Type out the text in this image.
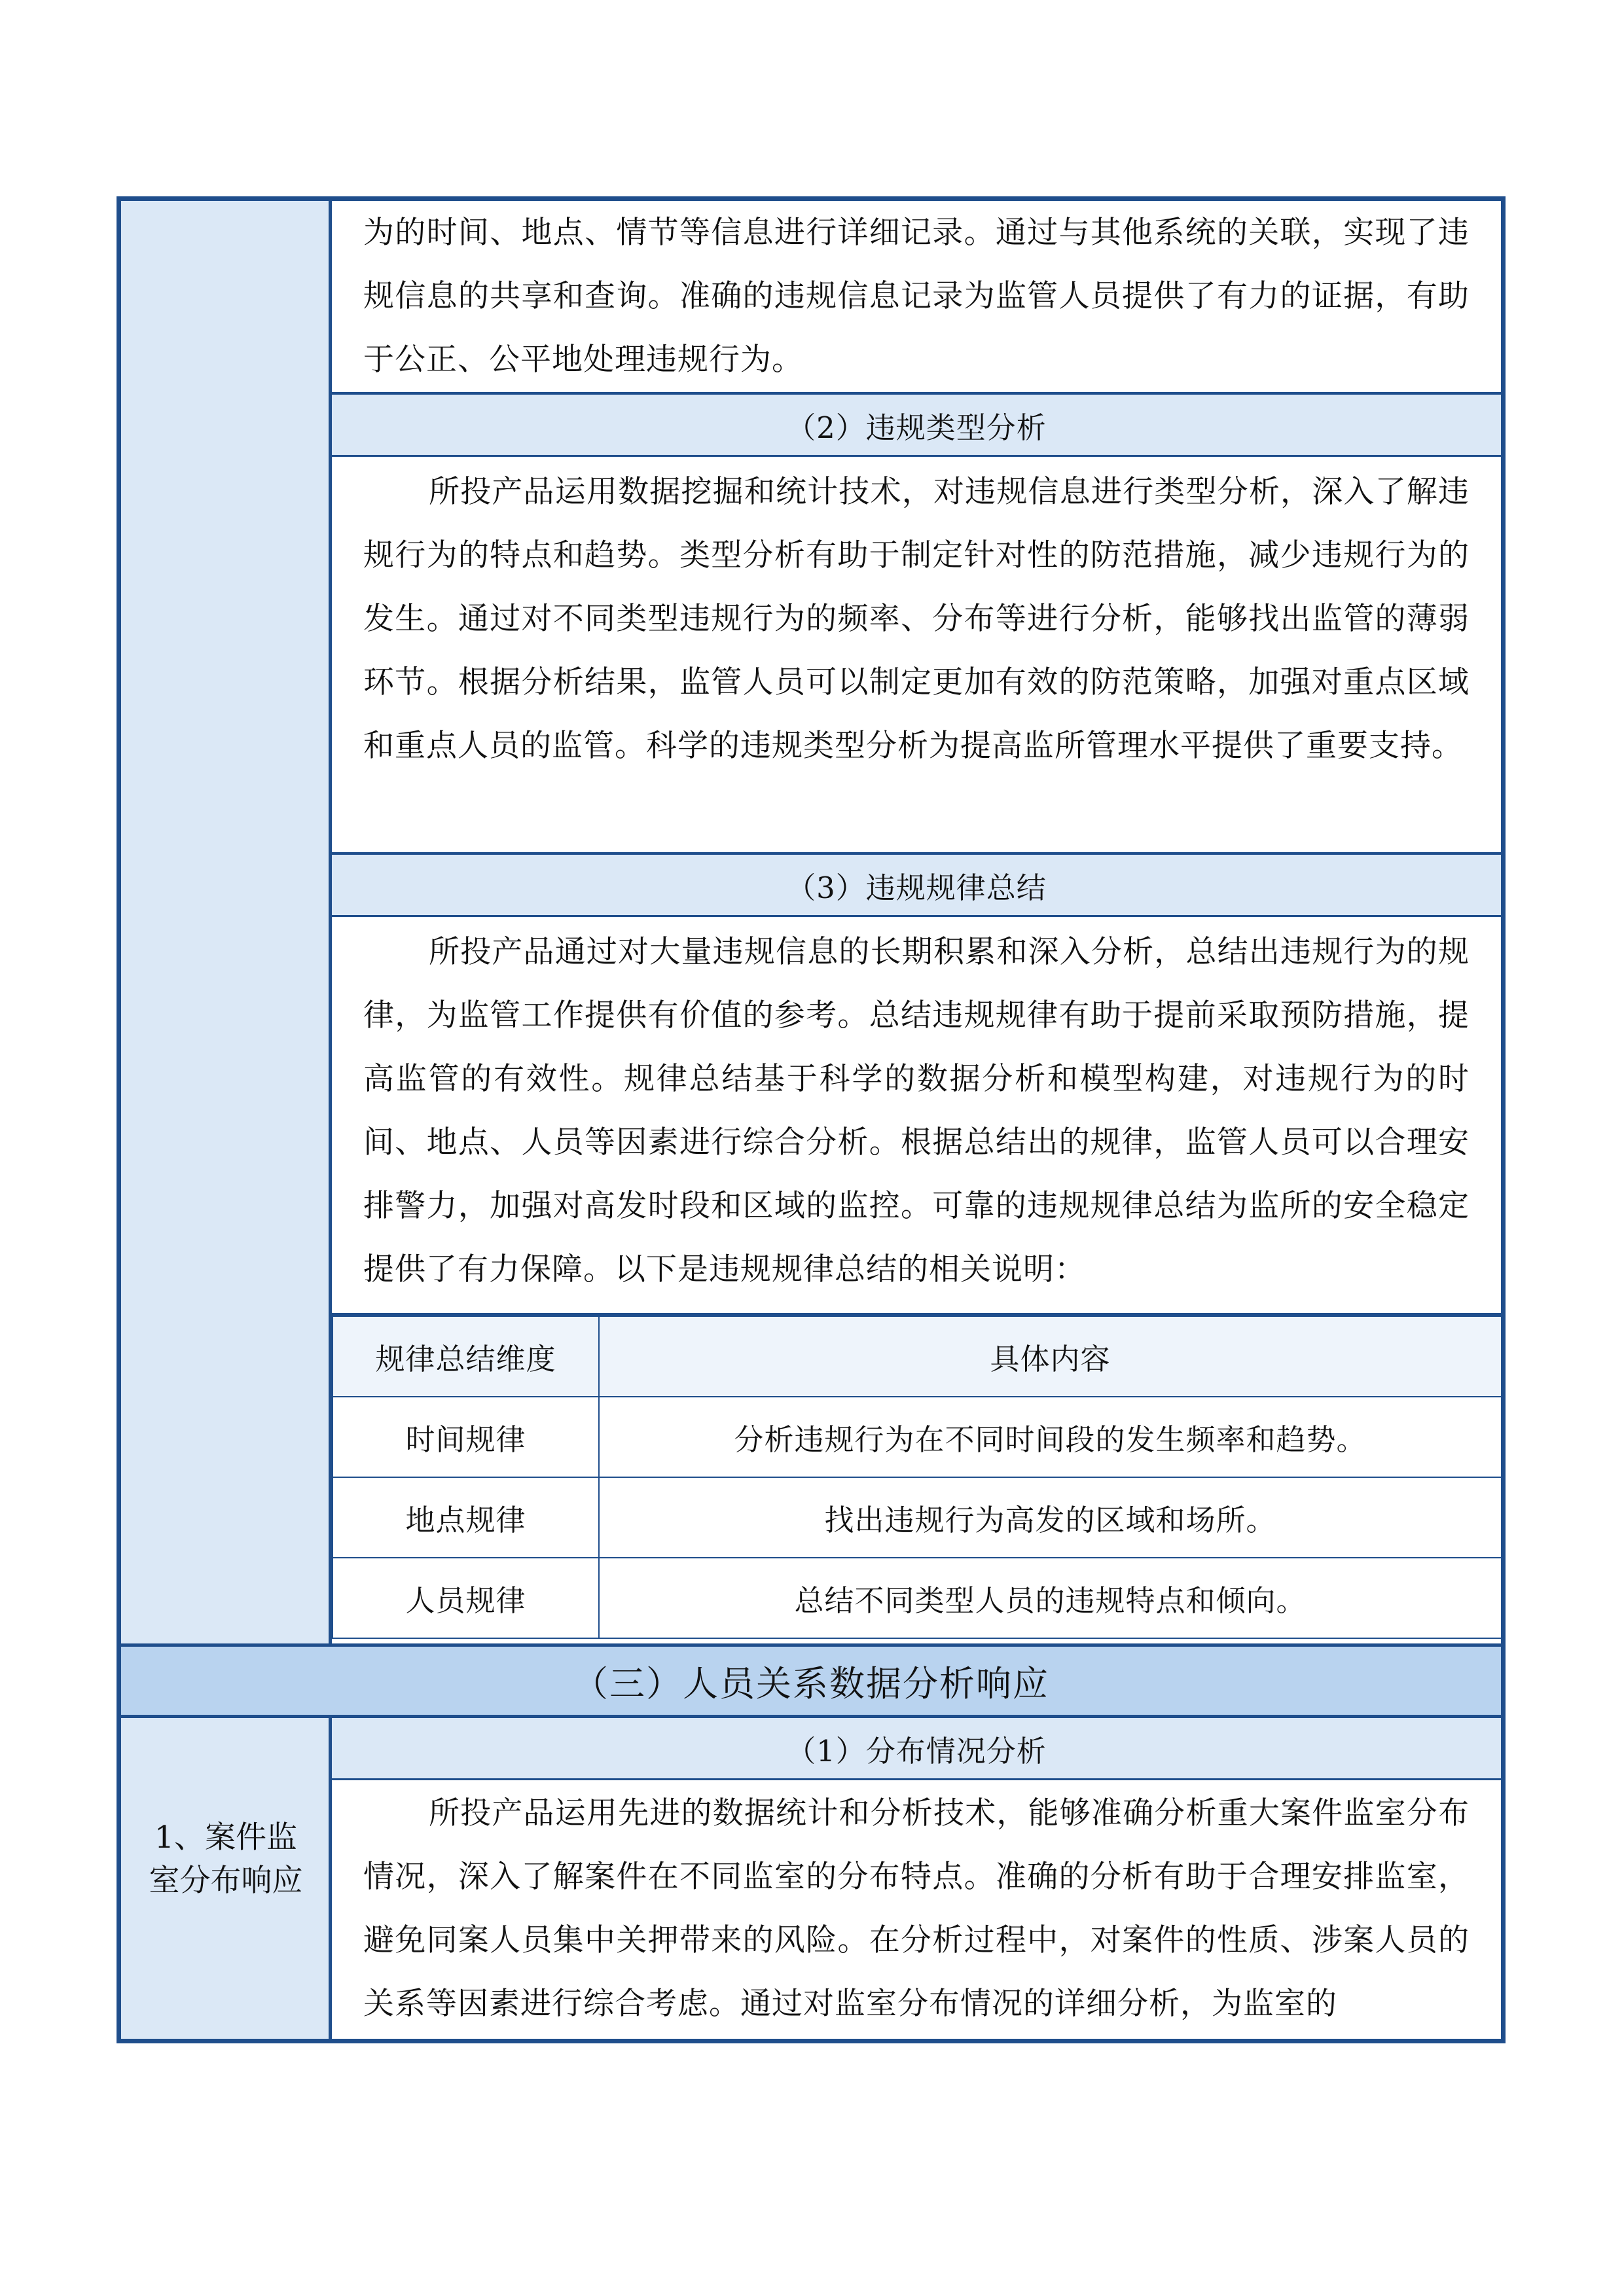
为的时间、地点、情节等信息进行详细记录。通过与其他系统的关联，实现了违规信息的共享和查询。准确的违规信息记录为监管人员提供了有力的证据，有助于公正、公平地处理违规行为。
（2）违规类型分析
所投产品运用数据挖掘和统计技术，对违规信息进行类型分析，深入了解违规行为的特点和趋势。类型分析有助于制定针对性的防范措施，减少违规行为的发生。通过对不同类型违规行为的频率、分布等进行分析，能够找出监管的薄弱环节。根据分析结果，监管人员可以制定更加有效的防范策略，加强对重点区域和重点人员的监管。科学的违规类型分析为提高监所管理水平提供了重要支持。
（3）违规规律总结
所投产品通过对大量违规信息的长期积累和深入分析，总结出违规行为的规律，为监管工作提供有价值的参考。总结违规规律有助于提前采取预防措施，提高监管的有效性。规律总结基于科学的数据分析和模型构建，对违规行为的时间、地点、人员等因素进行综合分析。根据总结出的规律，监管人员可以合理安排警力，加强对高发时段和区域的监控。可靠的违规规律总结为监所的安全稳定提供了有力保障。以下是违规规律总结的相关说明：
规律总结维度	具体内容
时间规律	分析违规行为在不同时间段的发生频率和趋势。
地点规律	找出违规行为高发的区域和场所。
人员规律	总结不同类型人员的违规特点和倾向。
（三）人员关系数据分析响应
1、案件监室分布响应
（1）分布情况分析
所投产品运用先进的数据统计和分析技术，能够准确分析重大案件监室分布情况，深入了解案件在不同监室的分布特点。准确的分析有助于合理安排监室，避免同案人员集中关押带来的风险。在分析过程中，对案件的性质、涉案人员的关系等因素进行综合考虑。通过对监室分布情况的详细分析，为监室的
